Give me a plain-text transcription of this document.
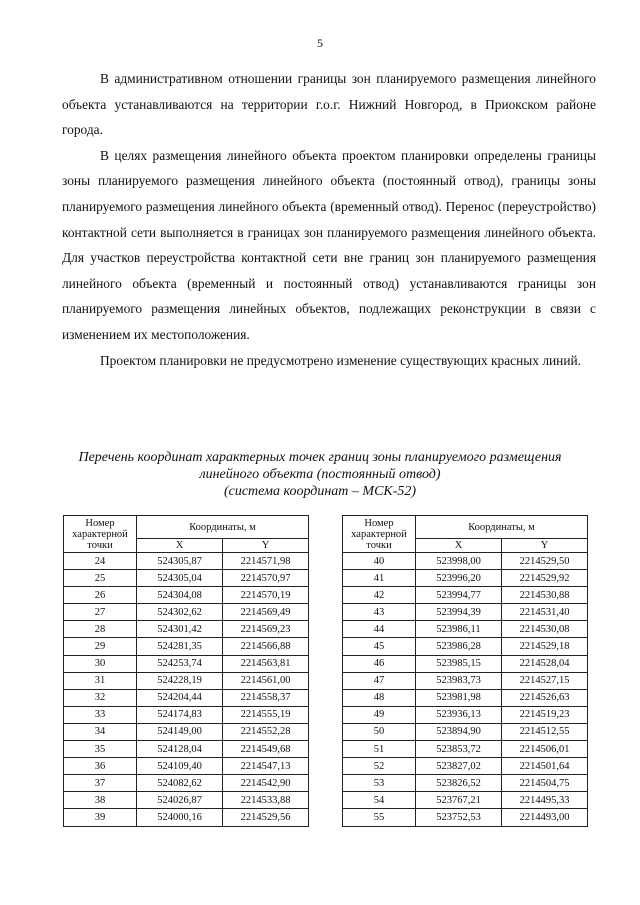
5

В административном отношении границы зон планируемого размещения линейного объекта устанавливаются на территории г.о.г. Нижний Новгород, в Приокском районе города.

В целях размещения линейного объекта проектом планировки определены границы зоны планируемого размещения линейного объекта (постоянный отвод), границы зоны планируемого размещения линейного объекта (временный отвод). Перенос (переустройство) контактной сети выполняется в границах зон планируемого размещения линейного объекта. Для участков переустройства контактной сети вне границ зон планируемого размещения линейного объекта (временный и постоянный отвод) устанавливаются границы зон планируемого размещения линейных объектов, подлежащих реконструкции в связи с изменением их местоположения.

Проектом планировки не предусмотрено изменение существующих красных линий.

Перечень координат характерных точек границ зоны планируемого размещения
линейного объекта (постоянный отвод)
(система координат – МСК-52)
Номер характерной точки	Координаты, м	
	X	Y
24	524305,87	2214571,98
25	524305,04	2214570,97
26	524304,08	2214570,19
27	524302,62	2214569,49
28	524301,42	2214569,23
29	524281,35	2214566,88
30	524253,74	2214563,81
31	524228,19	2214561,00
32	524204,44	2214558,37
33	524174,83	2214555,19
34	524149,00	2214552,28
35	524128,04	2214549,68
36	524109,40	2214547,13
37	524082,62	2214542,90
38	524026,87	2214533,88
39	524000,16	2214529,56
Номер характерной точки	Координаты, м	
	X	Y
40	523998,00	2214529,50
41	523996,20	2214529,92
42	523994,77	2214530,88
43	523994,39	2214531,40
44	523986,11	2214530,08
45	523986,28	2214529,18
46	523985,15	2214528,04
47	523983,73	2214527,15
48	523981,98	2214526,63
49	523936,13	2214519,23
50	523894,90	2214512,55
51	523853,72	2214506,01
52	523827,02	2214501,64
53	523826,52	2214504,75
54	523767,21	2214495,33
55	523752,53	2214493,00
